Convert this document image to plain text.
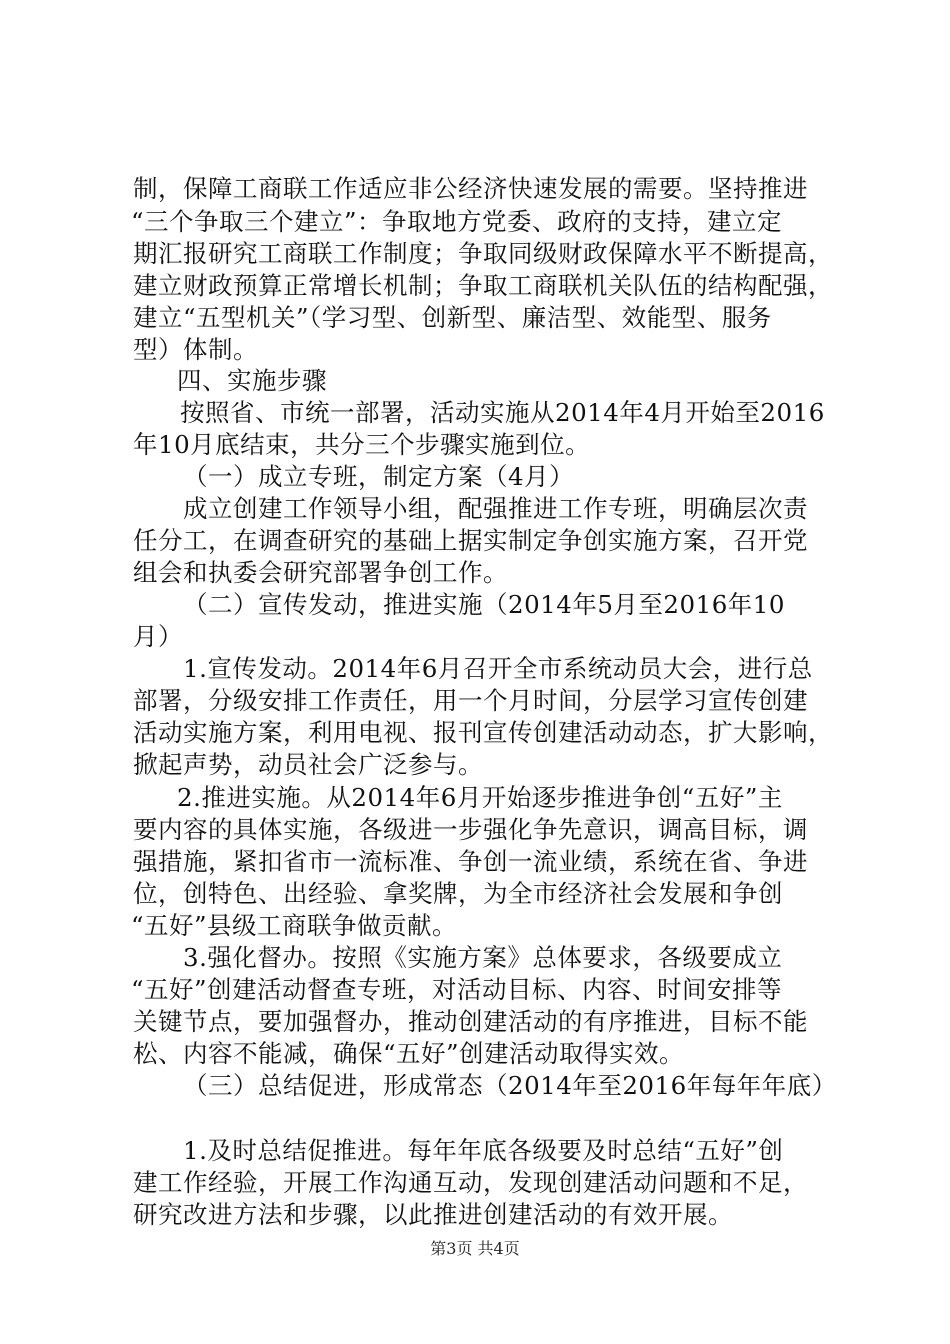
制，保障工商联工作适应非公经济快速发展的需要。坚持推进
“三个争取三个建立”：争取地方党委、政府的支持，建立定
期汇报研究工商联工作制度；争取同级财政保障水平不断提高，
建立财政预算正常增长机制；争取工商联机关队伍的结构配强，
建立“五型机关”（学习型、创新型、廉洁型、效能型、服务
型）体制。
四、实施步骤
按照省、市统一部署，活动实施从2014年4月开始至2016
年10月底结束，共分三个步骤实施到位。
（一）成立专班，制定方案（4月）
成立创建工作领导小组，配强推进工作专班，明确层次责
任分工，在调查研究的基础上据实制定争创实施方案，召开党
组会和执委会研究部署争创工作。
（二）宣传发动，推进实施（2014年5月至2016年10
月）
1.宣传发动。2014年6月召开全市系统动员大会，进行总
部署，分级安排工作责任，用一个月时间，分层学习宣传创建
活动实施方案，利用电视、报刊宣传创建活动动态，扩大影响，
掀起声势，动员社会广泛参与。
2.推进实施。从2014年6月开始逐步推进争创“五好”主
要内容的具体实施，各级进一步强化争先意识，调高目标，调
强措施，紧扣省市一流标准、争创一流业绩，系统在省、争进
位，创特色、出经验、拿奖牌，为全市经济社会发展和争创
“五好”县级工商联争做贡献。
3.强化督办。按照《实施方案》总体要求，各级要成立
“五好”创建活动督查专班，对活动目标、内容、时间安排等
关键节点，要加强督办，推动创建活动的有序推进，目标不能
松、内容不能减，确保“五好”创建活动取得实效。
（三）总结促进，形成常态（2014年至2016年每年年底）
1.及时总结促推进。每年年底各级要及时总结“五好”创
建工作经验，开展工作沟通互动，发现创建活动问题和不足，
研究改进方法和步骤，以此推进创建活动的有效开展。
第3页 共4页
